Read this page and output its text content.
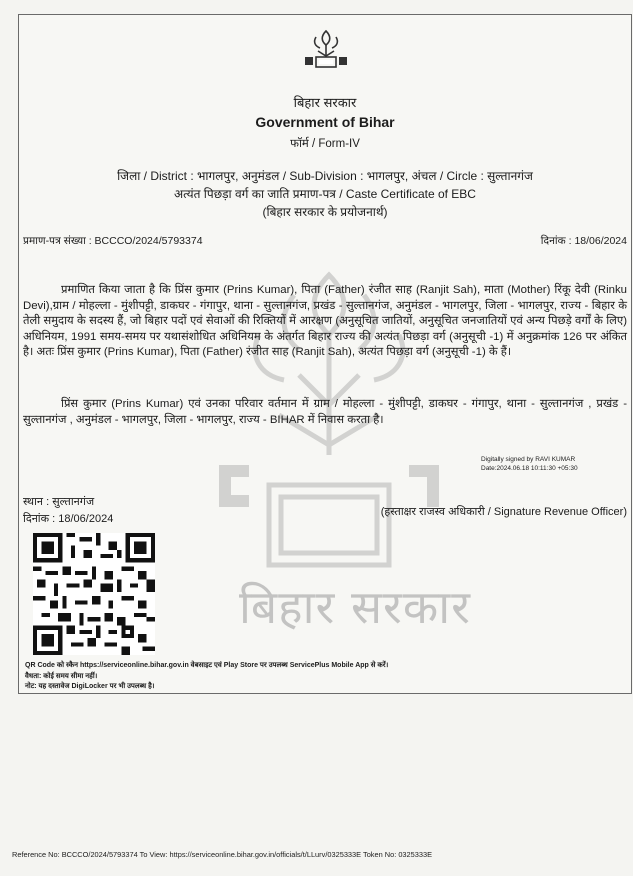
बिहार सरकार
बिहार सरकार
Government of Bihar
फॉर्म / Form-IV
जिला / District : भागलपुर, अनुमंडल / Sub-Division : भागलपुर, अंचल / Circle : सुल्तानगंज
अत्यंत पिछड़ा वर्ग का जाति प्रमाण-पत्र / Caste Certificate of EBC
(बिहार सरकार के प्रयोजनार्थ)
प्रमाण-पत्र संख्या : BCCCO/2024/5793374	दिनांक : 18/06/2024
प्रमाणित किया जाता है कि प्रिंस कुमार (Prins Kumar), पिता (Father) रंजीत साह (Ranjit Sah), माता (Mother) रिंकू देवी (Rinku Devi),ग्राम / मोहल्ला - मुंशीपट्टी, डाकघर - गंगापुर, थाना - सुल्तानगंज, प्रखंड - सुल्तानगंज, अनुमंडल - भागलपुर, जिला - भागलपुर, राज्य - बिहार के तेली समुदाय के सदस्य हैं, जो बिहार पदों एवं सेवाओं की रिक्तियों में आरक्षण (अनुसूचित जातियों, अनुसूचित जनजातियों एवं अन्य पिछड़े वर्गों के लिए) अधिनियम, 1991 समय-समय पर यथासंशोधित अधिनियम के अंतर्गत बिहार राज्य की अत्यंत पिछड़ा वर्ग (अनुसूची -1) में अनुक्रमांक 126 पर अंकित है। अतः प्रिंस कुमार (Prins Kumar), पिता (Father) रंजीत साह (Ranjit Sah), अत्यंत पिछड़ा वर्ग (अनुसूची -1) के हैं।
प्रिंस कुमार (Prins Kumar) एवं उनका परिवार वर्तमान में ग्राम / मोहल्ला - मुंशीपट्टी, डाकघर - गंगापुर, थाना - सुल्तानगंज , प्रखंड - सुल्तानगंज , अनुमंडल - भागलपुर, जिला - भागलपुर, राज्य - BIHAR में निवास करता है।
Digitally signed by RAVI KUMAR
Date:2024.06.18 10:11:30 +05:30
स्थान : सुल्तानगंज
दिनांक : 18/06/2024
(हस्ताक्षर राजस्व अधिकारी / Signature Revenue Officer)
QR Code को स्कैन https://serviceonline.bihar.gov.in वेबसाइट एवं Play Store पर उपलब्ध ServicePlus Mobile App से करें।
वैधता: कोई समय सीमा नहीं।
नोट: यह दस्तावेज DigiLocker पर भी उपलब्ध है।
Reference No: BCCCO/2024/5793374 To View: https://serviceonline.bihar.gov.in/officials/t/LLurv/0325333E Token No: 0325333E
